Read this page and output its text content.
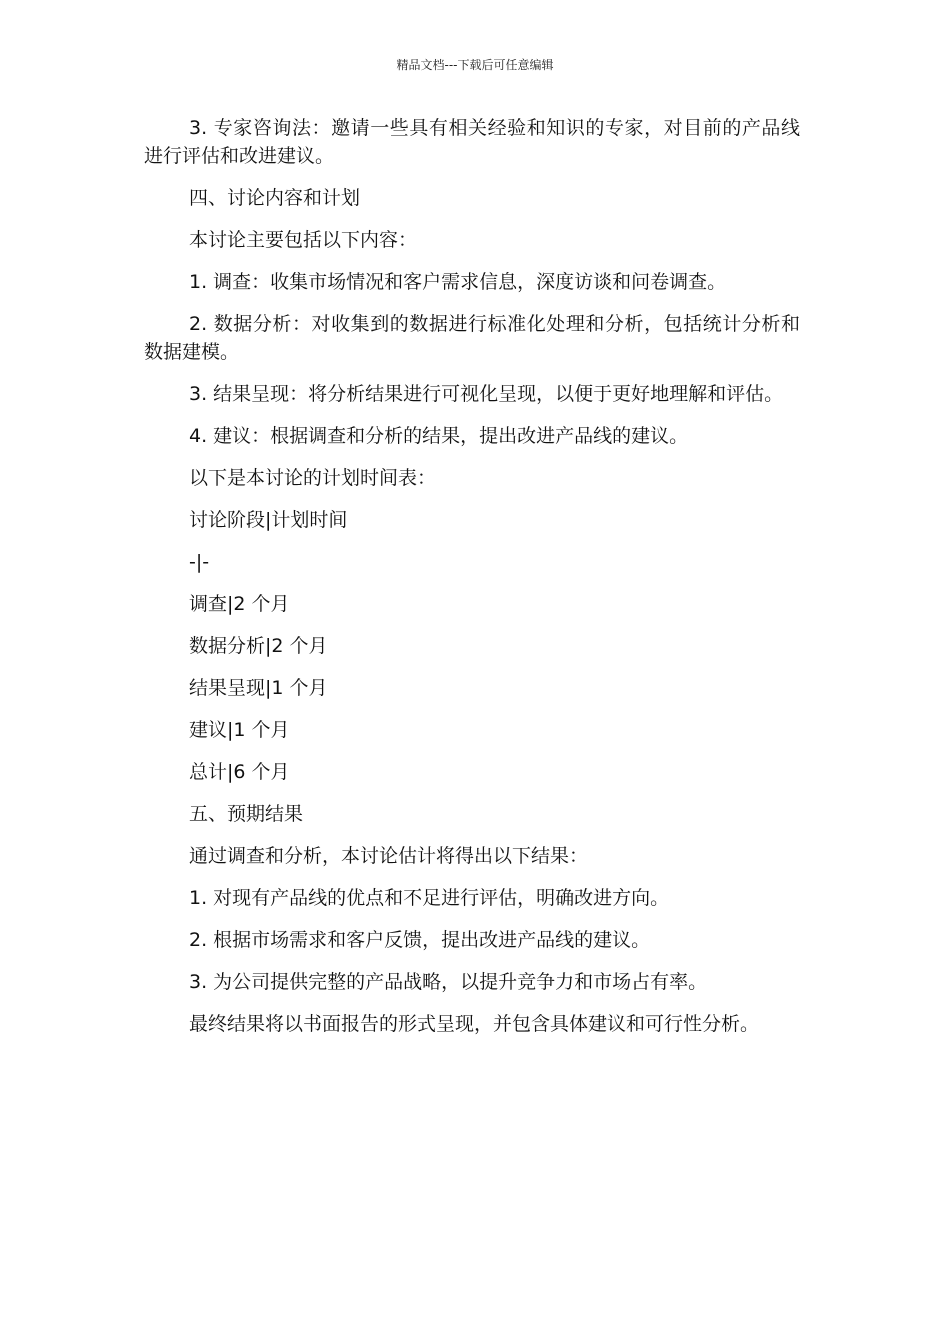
精品文档---下载后可任意编辑

3. 专家咨询法：邀请一些具有相关经验和知识的专家，对目前的产品线进行评估和改进建议。

四、讨论内容和计划

本讨论主要包括以下内容：

1. 调查：收集市场情况和客户需求信息，深度访谈和问卷调查。

2. 数据分析：对收集到的数据进行标准化处理和分析，包括统计分析和数据建模。

3. 结果呈现：将分析结果进行可视化呈现，以便于更好地理解和评估。

4. 建议：根据调查和分析的结果，提出改进产品线的建议。

以下是本讨论的计划时间表：

讨论阶段|计划时间

-|-

调查|2 个月

数据分析|2 个月

结果呈现|1 个月

建议|1 个月

总计|6 个月

五、预期结果

通过调查和分析，本讨论估计将得出以下结果：

1. 对现有产品线的优点和不足进行评估，明确改进方向。

2. 根据市场需求和客户反馈，提出改进产品线的建议。

3. 为公司提供完整的产品战略，以提升竞争力和市场占有率。

最终结果将以书面报告的形式呈现，并包含具体建议和可行性分析。
